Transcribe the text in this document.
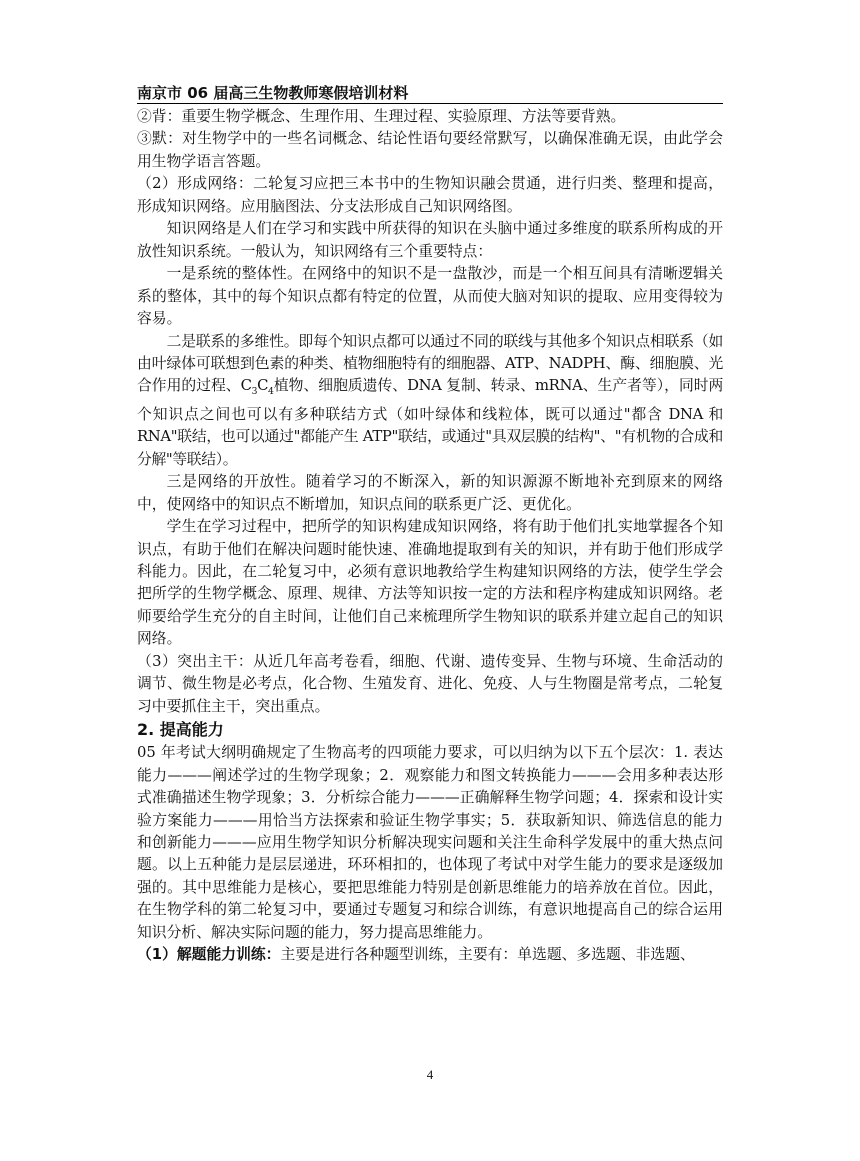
南京市 06 届高三生物教师寒假培训材料

②背：重要生物学概念、生理作用、生理过程、实验原理、方法等要背熟。

③默：对生物学中的一些名词概念、结论性语句要经常默写，以确保准确无误，由此学会用生物学语言答题。

（2）形成网络：二轮复习应把三本书中的生物知识融会贯通，进行归类、整理和提高，形成知识网络。应用脑图法、分支法形成自己知识网络图。

知识网络是人们在学习和实践中所获得的知识在头脑中通过多维度的联系所构成的开放性知识系统。一般认为，知识网络有三个重要特点：

一是系统的整体性。在网络中的知识不是一盘散沙，而是一个相互间具有清晰逻辑关系的整体，其中的每个知识点都有特定的位置，从而使大脑对知识的提取、应用变得较为容易。

二是联系的多维性。即每个知识点都可以通过不同的联线与其他多个知识点相联系（如由叶绿体可联想到色素的种类、植物细胞特有的细胞器、ATP、NADPH、酶、细胞膜、光合作用的过程、$C_3C_4$植物、细胞质遗传、DNA 复制、转录、mRNA、生产者等），同时两个知识点之间也可以有多种联结方式（如叶绿体和线粒体，既可以通过"都含 DNA 和 RNA"联结，也可以通过"都能产生 ATP"联结，或通过"具双层膜的结构"、"有机物的合成和分解"等联结）。

三是网络的开放性。随着学习的不断深入，新的知识源源不断地补充到原来的网络中，使网络中的知识点不断增加，知识点间的联系更广泛、更优化。

学生在学习过程中，把所学的知识构建成知识网络，将有助于他们扎实地掌握各个知识点，有助于他们在解决问题时能快速、准确地提取到有关的知识，并有助于他们形成学科能力。因此，在二轮复习中，必须有意识地教给学生构建知识网络的方法，使学生学会把所学的生物学概念、原理、规律、方法等知识按一定的方法和程序构建成知识网络。老师要给学生充分的自主时间，让他们自己来梳理所学生物知识的联系并建立起自己的知识网络。

（3）突出主干：从近几年高考卷看，细胞、代谢、遗传变异、生物与环境、生命活动的调节、微生物是必考点，化合物、生殖发育、进化、免疫、人与生物圈是常考点，二轮复习中要抓住主干，突出重点。

2. 提高能力

05 年考试大纲明确规定了生物高考的四项能力要求，可以归纳为以下五个层次：1. 表达能力———阐述学过的生物学现象；2．观察能力和图文转换能力———会用多种表达形式准确描述生物学现象；3．分析综合能力———正确解释生物学问题；4．探索和设计实验方案能力———用恰当方法探索和验证生物学事实；5．获取新知识、筛选信息的能力和创新能力———应用生物学知识分析解决现实问题和关注生命科学发展中的重大热点问题。以上五种能力是层层递进，环环相扣的，也体现了考试中对学生能力的要求是逐级加强的。其中思维能力是核心，要把思维能力特别是创新思维能力的培养放在首位。因此，在生物学科的第二轮复习中，要通过专题复习和综合训练，有意识地提高自己的综合运用知识分析、解决实际问题的能力，努力提高思维能力。

（1）解题能力训练：主要是进行各种题型训练，主要有：单选题、多选题、非选题、

4
